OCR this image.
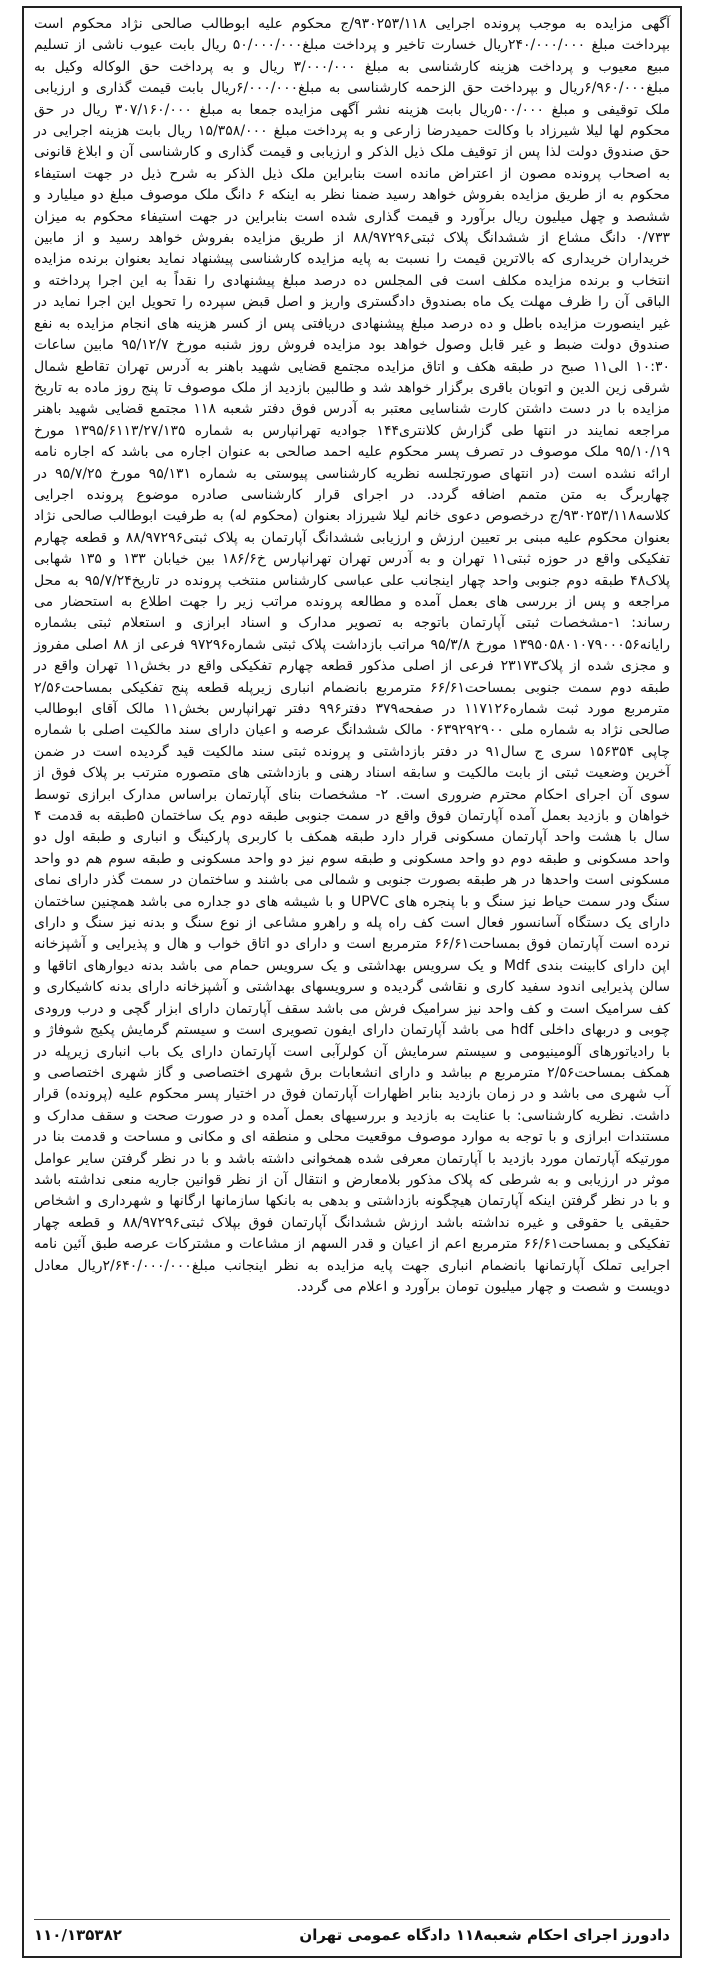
آگهی مزایده به موجب پرونده اجرایی ۹۳۰۲۵۳/۱۱۸/ج محکوم علیه ابوطالب صالحی نژاد محکوم است بپرداخت مبلغ ۲۴۰/۰۰۰/۰۰۰ریال خسارت تاخیر و پرداخت مبلغ۵۰/۰۰۰/۰۰۰ ریال بابت عیوب ناشی از تسلیم مبیع معیوب و پرداخت هزینه کارشناسی به مبلغ ۳/۰۰۰/۰۰۰ ریال و به پرداخت حق الوکاله وکیل به مبلغ۶/۹۶۰/۰۰۰ریال و بپرداخت حق الزحمه کارشناسی به مبلغ۶/۰۰۰/۰۰۰ریال بابت قیمت گذاری و ارزیابی ملک توقیفی و مبلغ ۵۰۰/۰۰۰ریال بابت هزینه نشر آگهی مزایده جمعا به مبلغ ۳۰۷/۱۶۰/۰۰۰ ریال در حق محکوم لها لیلا شیرزاد با وکالت حمیدرضا زارعی و به پرداخت مبلغ ۱۵/۳۵۸/۰۰۰ ریال بابت هزینه اجرایی در حق صندوق دولت لذا پس از توقیف ملک ذیل الذکر و ارزیابی و قیمت گذاری و کارشناسی آن و ابلاغ قانونی به اصحاب پرونده مصون از اعتراض مانده است بنابراین ملک ذیل الذکر به شرح ذیل در جهت استیفاء محکوم به از طریق مزایده بفروش خواهد رسید ضمنا نظر به اینکه ۶ دانگ ملک موصوف مبلغ دو میلیارد و ششصد و چهل میلیون ریال برآورد و قیمت گذاری شده است بنابراین در جهت استیفاء محکوم به میزان ۰/۷۳۳ دانگ مشاع از ششدانگ پلاک ثبتی۸۸/۹۷۲۹۶ از طریق مزایده بفروش خواهد رسید و از مابین خریداران خریداری که بالاترین قیمت را نسبت به پایه مزایده کارشناسی پیشنهاد نماید بعنوان برنده مزایده انتخاب و برنده مزایده مکلف است فی المجلس ده درصد مبلغ پیشنهادی را نقداً به این اجرا پرداخته و الباقی آن را ظرف مهلت یک ماه بصندوق دادگستری واریز و اصل قبض سپرده را تحویل این اجرا نماید در غیر اینصورت مزایده باطل و ده درصد مبلغ پیشنهادی دریافتی پس از کسر هزینه های انجام مزایده به نفع صندوق دولت ضبط و غیر قابل وصول خواهد بود مزایده فروش روز شنبه مورخ ۹۵/۱۲/۷ مابین ساعات ۱۰:۳۰ الی۱۱ صبح در طبقه هکف و اتاق مزایده مجتمع قضایی شهید باهنر به آدرس تهران تقاطع شمال شرقی زین الدین و اتوبان باقری برگزار خواهد شد و طالبین بازدید از ملک موصوف تا پنج روز ماده به تاریخ مزایده با در دست داشتن کارت شناسایی معتبر به آدرس فوق دفتر شعبه ۱۱۸ مجتمع قضایی شهید باهنر مراجعه نمایند در انتها طی گزارش کلانتری۱۴۴ جوادیه تهرانپارس به شماره ۱۳۹۵/۶۱۱۳/۲۷/۱۳۵ مورخ ۹۵/۱۰/۱۹ ملک موصوف در تصرف پسر محکوم علیه احمد صالحی به عنوان اجاره می باشد که اجاره نامه ارائه نشده است (در انتهای صورتجلسه نظریه کارشناسی پیوستی به شماره ۹۵/۱۳۱ مورخ ۹۵/۷/۲۵ در چهاربرگ به متن متمم اضافه گردد. در اجرای قرار کارشناسی صادره موضوع پرونده اجرایی کلاسه۹۳۰۲۵۳/۱۱۸/ج درخصوص دعوی خانم لیلا شیرزاد بعنوان (محکوم له) به طرفیت ابوطالب صالحی نژاد بعنوان محکوم علیه مبنی بر تعیین ارزش و ارزیابی ششدانگ آپارتمان به پلاک ثبتی۸۸/۹۷۲۹۶ و قطعه چهارم تفکیکی واقع در حوزه ثبتی۱۱ تهران و به آدرس تهران تهرانپارس خ۱۸۶/۶ بین خیابان ۱۳۳ و ۱۳۵ شهابی پلاک۴۸ طبقه دوم جنوبی واحد چهار اینجانب علی عباسی کارشناس منتخب پرونده در تاریخ۹۵/۷/۲۴ به محل مراجعه و پس از بررسی های بعمل آمده و مطالعه پرونده مراتب زیر را جهت اطلاع به استحضار می رساند: ۱-مشخصات ثبتی آپارتمان باتوجه به تصویر مدارک و اسناد ابرازی و استعلام ثبتی بشماره رایانه۱۳۹۵۰۵۸۰۱۰۷۹۰۰۰۵۶ مورخ ۹۵/۳/۸ مراتب بازداشت پلاک ثبتی شماره۹۷۲۹۶ فرعی از ۸۸ اصلی مفروز و مجزی شده از پلاک۲۳۱۷۳ فرعی از اصلی مذکور قطعه چهارم تفکیکی واقع در بخش۱۱ تهران واقع در طبقه دوم سمت جنوبی بمساحت۶۶/۶۱ مترمربع بانضمام انباری زیرپله قطعه پنج تفکیکی بمساحت۲/۵۶ مترمربع مورد ثبت شماره۱۱۷۱۲۶ در صفحه۳۷۹ دفتر۹۹۶ دفتر تهرانپارس بخش۱۱ مالک آقای ابوطالب صالحی نژاد به شماره ملی ۰۶۳۹۲۹۲۹۰۰ مالک ششدانگ عرصه و اعیان دارای سند مالکیت اصلی با شماره چاپی ۱۵۶۳۵۴ سری ج سال۹۱ در دفتر بازداشتی و پرونده ثبتی سند مالکیت قید گردیده است در ضمن آخرین وضعیت ثبتی از بابت مالکیت و سابقه اسناد رهنی و بازداشتی های متصوره مترتب بر پلاک فوق از سوی آن اجرای احکام محترم ضروری است. ۲- مشخصات بنای آپارتمان براساس مدارک ابرازی توسط خواهان و بازدید بعمل آمده آپارتمان فوق واقع در سمت جنوبی طبقه دوم یک ساختمان ۵طبقه به قدمت ۴ سال با هشت واحد آپارتمان مسکونی قرار دارد طبقه همکف با کاربری پارکینگ و انباری و طبقه اول دو واحد مسکونی و طبقه دوم دو واحد مسکونی و طبقه سوم نیز دو واحد مسکونی و طبقه سوم هم دو واحد مسکونی است واحدها در هر طبقه بصورت جنوبی و شمالی می باشند و ساختمان در سمت گذر دارای نمای سنگ ودر سمت حیاط نیز سنگ و با پنجره های UPVC و با شیشه های دو جداره می باشد همچنین ساختمان دارای یک دستگاه آسانسور فعال است کف راه پله و راهرو مشاعی از نوع سنگ و بدنه نیز سنگ و دارای نرده است آپارتمان فوق بمساحت۶۶/۶۱ مترمربع است و دارای دو اتاق خواب و هال و پذیرایی و آشپزخانه اپن دارای کابینت بندی Mdf و یک سرویس بهداشتی و یک سرویس حمام می باشد بدنه دیوارهای اتاقها و سالن پذیرایی اندود سفید کاری و نقاشی گردیده و سرویسهای بهداشتی و آشپزخانه دارای بدنه کاشیکاری و کف سرامیک است و کف واحد نیز سرامیک فرش می باشد سقف آپارتمان دارای ابزار گچی و درب ورودی چوبی و دربهای داخلی hdf می باشد آپارتمان دارای ایفون تصویری است و سیستم گرمایش پکیج شوفاژ و با رادیاتورهای آلومینیومی و سیستم سرمایش آن کولرآبی است آپارتمان دارای یک باب انباری زیرپله در همکف بمساحت۲/۵۶ مترمربع م بباشد و دارای انشعابات برق شهری اختصاصی و گاز شهری اختصاصی و آب شهری می باشد و در زمان بازدید بنابر اظهارات آپارتمان فوق در اختیار پسر محکوم علیه (پرونده) قرار داشت. نظریه کارشناسی: با عنایت به بازدید و بررسیهای بعمل آمده و در صورت صحت و سقف مدارک و مستندات ابرازی و با توجه به موارد موصوف موقعیت محلی و منطقه ای و مکانی و مساحت و قدمت بنا در مورتیکه آپارتمان مورد بازدید با آپارتمان معرفی شده همخوانی داشته باشد و با در نظر گرفتن سایر عوامل موثر در ارزیابی و به شرطی که پلاک مذکور بلامعارض و انتقال آن از نظر قوانین جاریه منعی نداشته باشد و با در نظر گرفتن اینکه آپارتمان هیچگونه بازداشتی و بدهی به بانکها سازمانها ارگانها و شهرداری و اشخاص حقیقی یا حقوقی و غیره نداشته باشد ارزش ششدانگ آپارتمان فوق بپلاک ثبتی۸۸/۹۷۲۹۶ و قطعه چهار تفکیکی و بمساحت۶۶/۶۱ مترمربع اعم از اعیان و قدر السهم از مشاعات و مشترکات عرصه طبق آئین نامه اجرایی تملک آپارتمانها بانضمام انباری جهت پایه مزایده به نظر اینجانب مبلغ۲/۶۴۰/۰۰۰/۰۰۰ریال معادل دویست و شصت و چهار میلیون تومان برآورد و اعلام می گردد.

دادورز اجرای احکام شعبه۱۱۸ دادگاه عمومی تهران
۱۱۰/۱۳۵۳۸۲
